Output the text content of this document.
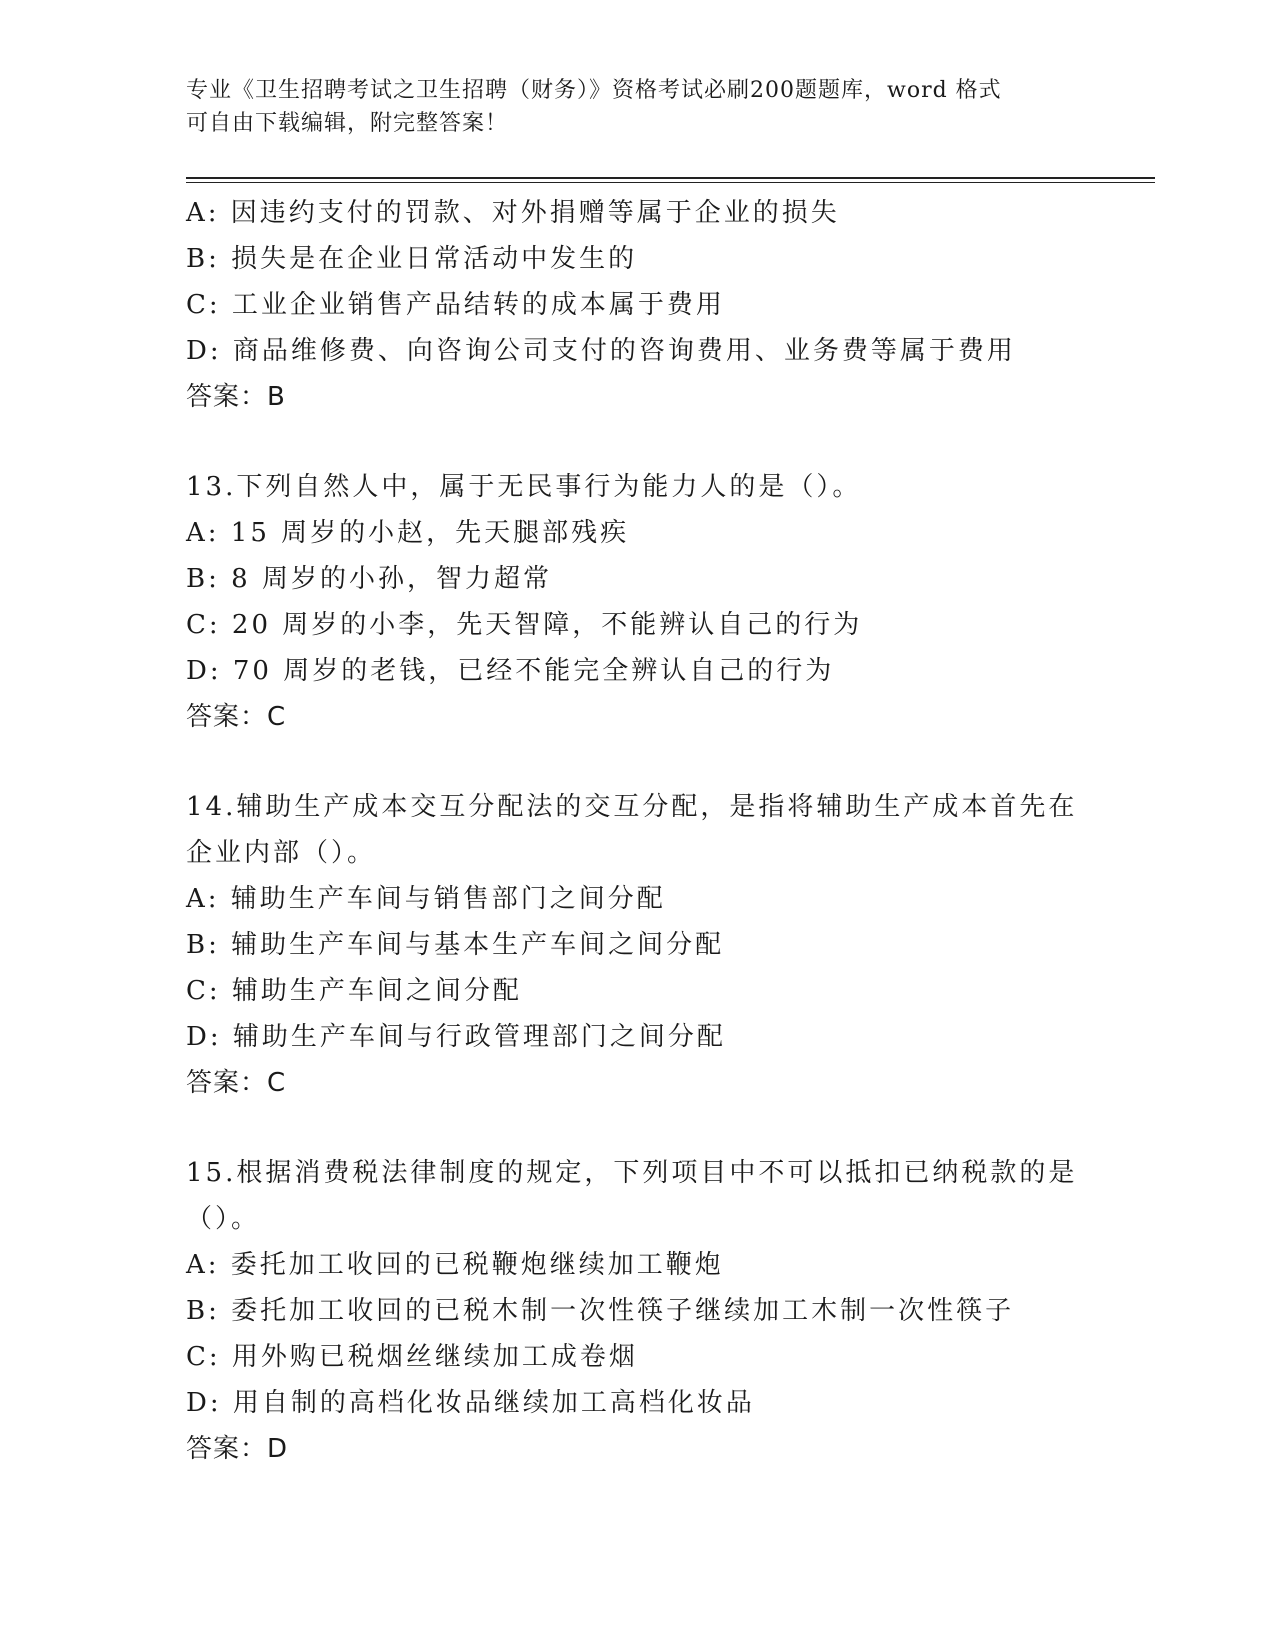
专业《卫生招聘考试之卫生招聘（财务）》资格考试必刷200题题库，word 格式
可自由下载编辑，附完整答案！
A: 因违约支付的罚款、对外捐赠等属于企业的损失
B: 损失是在企业日常活动中发生的
C: 工业企业销售产品结转的成本属于费用
D: 商品维修费、向咨询公司支付的咨询费用、业务费等属于费用
答案：B
13.下列自然人中，属于无民事行为能力人的是（）。
A: 15 周岁的小赵，先天腿部残疾
B: 8 周岁的小孙，智力超常
C: 20 周岁的小李，先天智障，不能辨认自己的行为
D: 70 周岁的老钱，已经不能完全辨认自己的行为
答案：C
14.辅助生产成本交互分配法的交互分配，是指将辅助生产成本首先在企业内部（）。
A: 辅助生产车间与销售部门之间分配
B: 辅助生产车间与基本生产车间之间分配
C: 辅助生产车间之间分配
D: 辅助生产车间与行政管理部门之间分配
答案：C
15.根据消费税法律制度的规定，下列项目中不可以抵扣已纳税款的是（）。
A: 委托加工收回的已税鞭炮继续加工鞭炮
B: 委托加工收回的已税木制一次性筷子继续加工木制一次性筷子
C: 用外购已税烟丝继续加工成卷烟
D: 用自制的高档化妆品继续加工高档化妆品
答案：D
